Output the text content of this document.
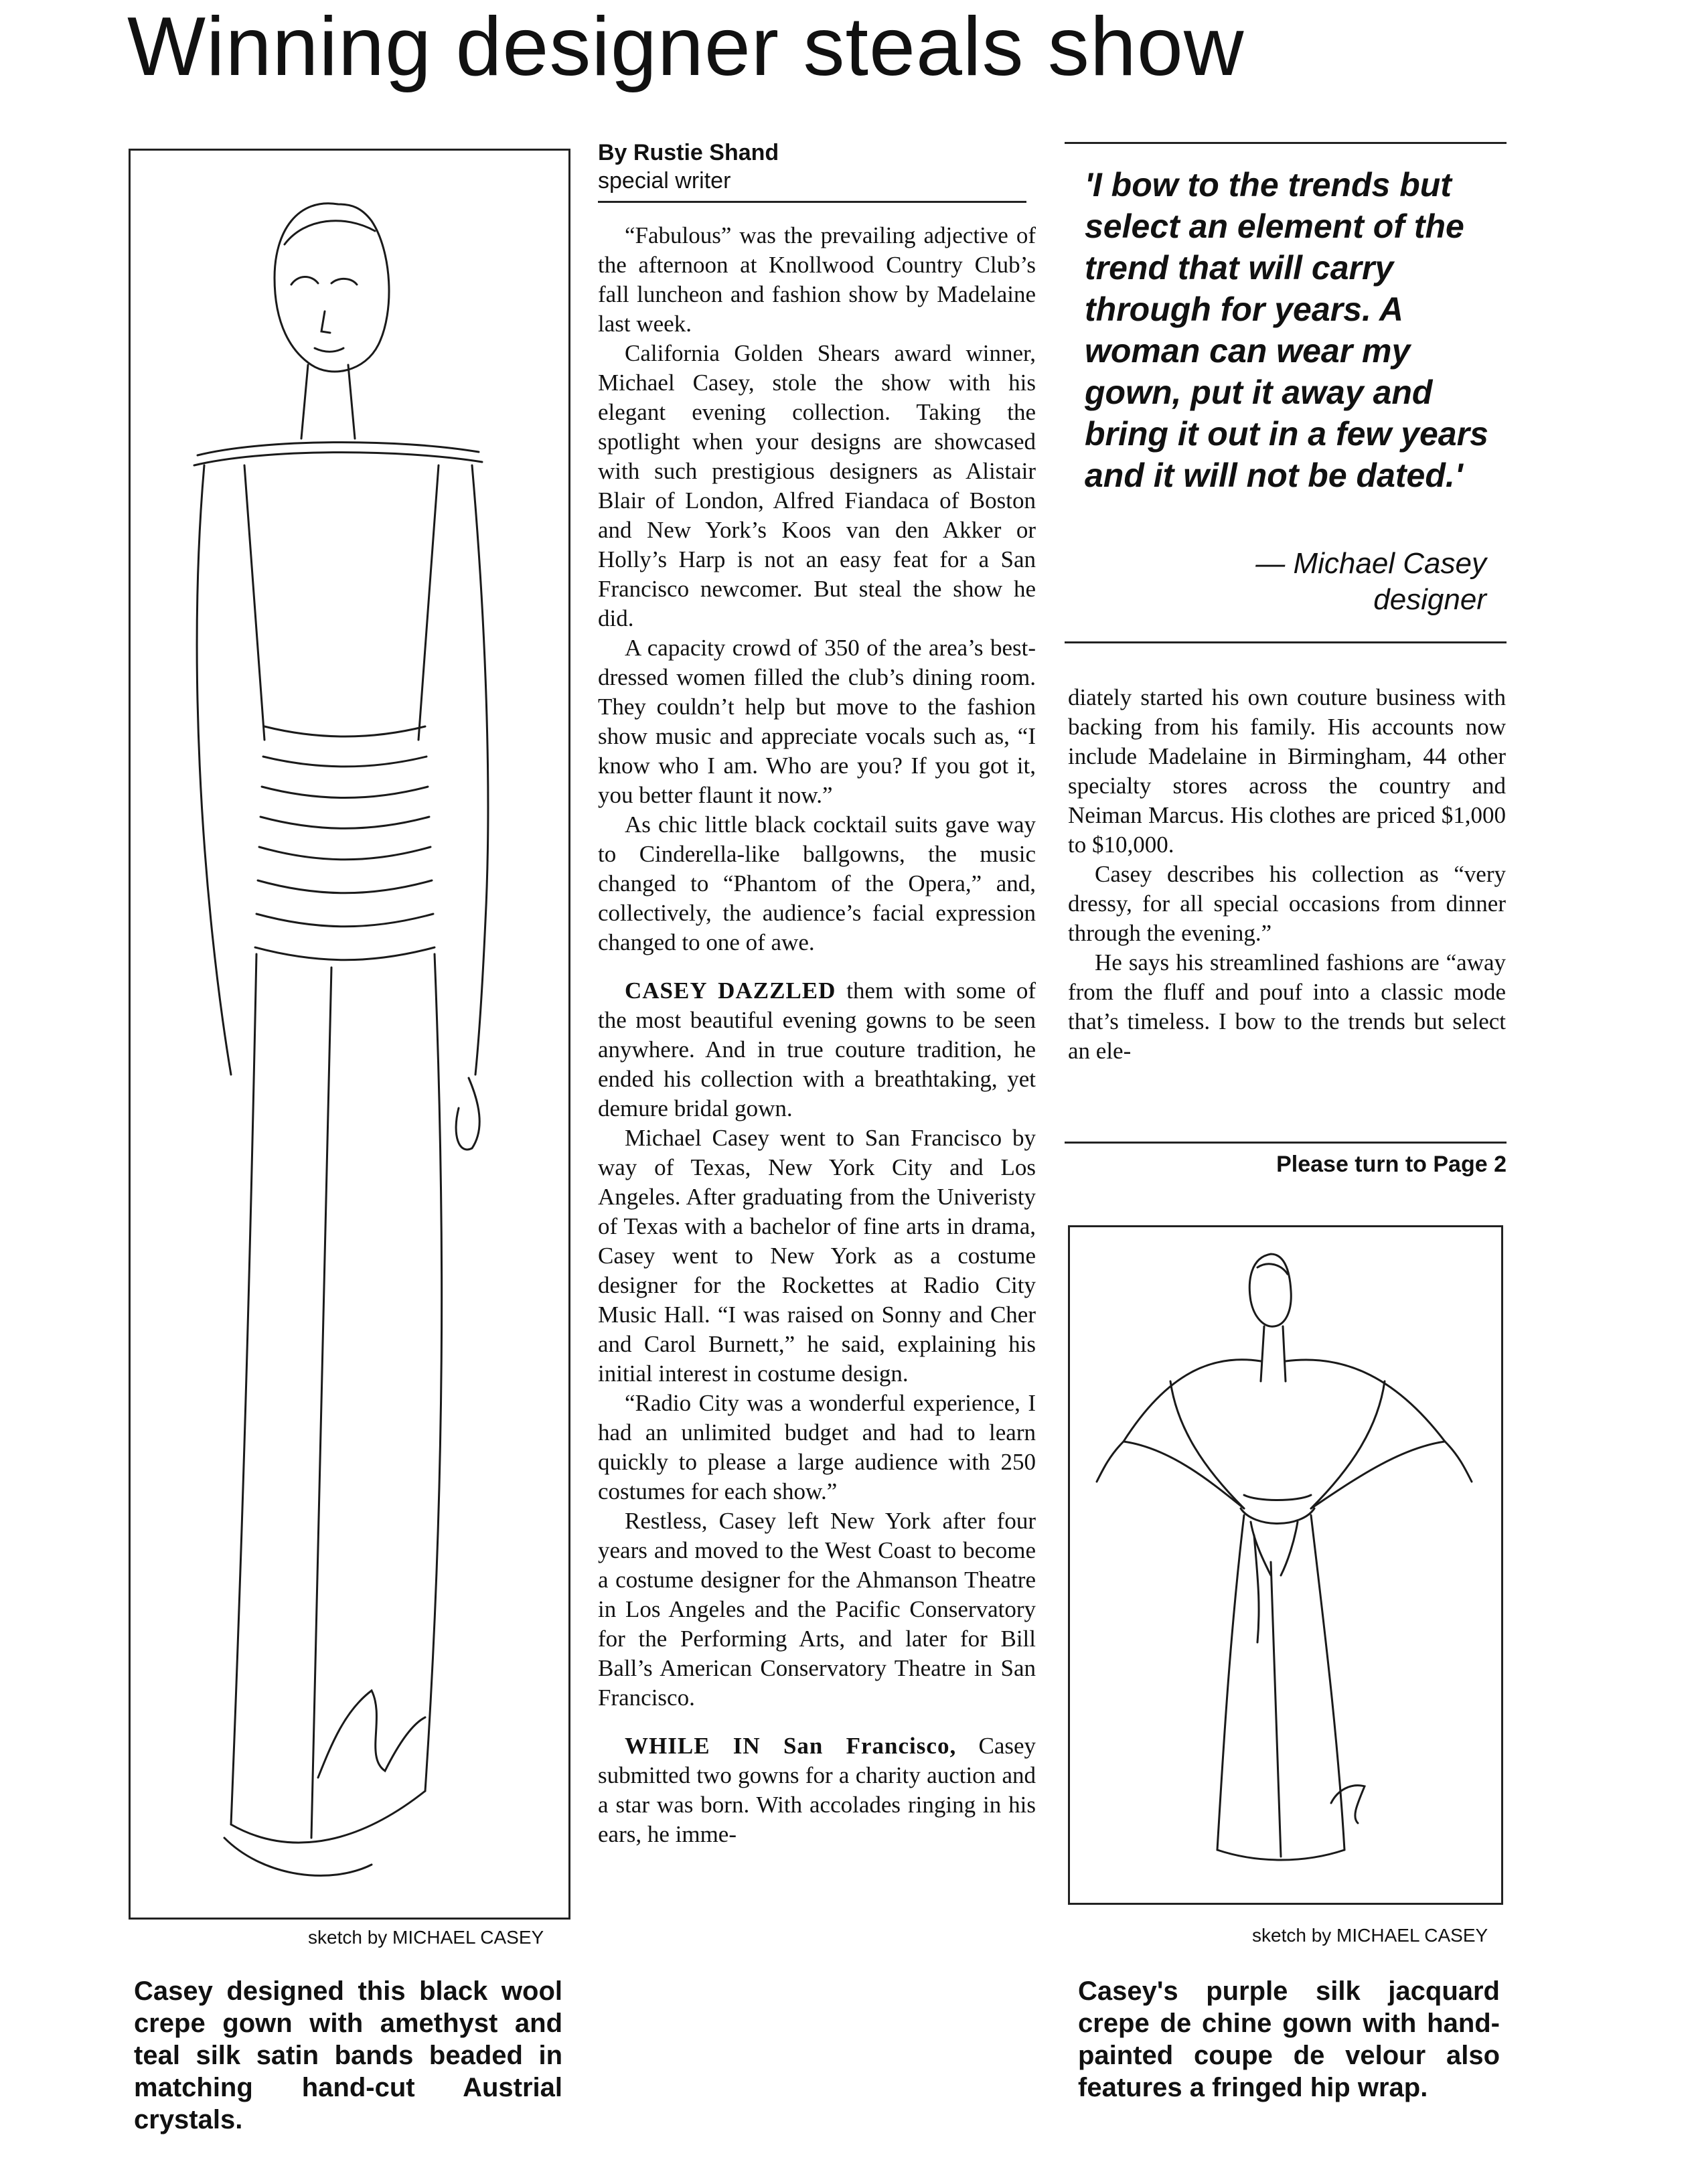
Winning designer steals show
sketch by MICHAEL CASEY
Casey designed this black wool crepe gown with amethyst and teal silk satin bands beaded in matching hand-cut Austrial crystals.
By Rustie Shand
special writer

“Fabulous” was the prevailing adjective of the afternoon at Knollwood Country Club’s fall luncheon and fashion show by Madelaine last week.

California Golden Shears award winner, Michael Casey, stole the show with his elegant evening collection. Taking the spotlight when your designs are showcased with such prestigious designers as Alistair Blair of London, Alfred Fiandaca of Boston and New York’s Koos van den Akker or Holly’s Harp is not an easy feat for a San Francisco newcomer. But steal the show he did.

A capacity crowd of 350 of the area’s best-dressed women filled the club’s dining room. They couldn’t help but move to the fashion show music and appreciate vocals such as, “I know who I am. Who are you? If you got it, you better flaunt it now.”

As chic little black cocktail suits gave way to Cinderella-like ballgowns, the music changed to “Phantom of the Opera,” and, collectively, the audience’s facial expression changed to one of awe.

CASEY DAZZLED them with some of the most beautiful evening gowns to be seen anywhere. And in true couture tradition, he ended his collection with a breathtaking, yet demure bridal gown.

Michael Casey went to San Francisco by way of Texas, New York City and Los Angeles. After graduating from the Univeristy of Texas with a bachelor of fine arts in drama, Casey went to New York as a costume designer for the Rockettes at Radio City Music Hall. “I was raised on Sonny and Cher and Carol Burnett,” he said, explaining his initial interest in costume design.

“Radio City was a wonderful experience, I had an unlimited budget and had to learn quickly to please a large audience with 250 costumes for each show.”

Restless, Casey left New York after four years and moved to the West Coast to become a costume designer for the Ahmanson Theatre in Los Angeles and the Pacific Conservatory for the Performing Arts, and later for Bill Ball’s American Conservatory Theatre in San Francisco.

WHILE IN San Francisco, Casey submitted two gowns for a charity auction and a star was born. With accolades ringing in his ears, he imme-

'I bow to the trends but select an element of the trend that will carry through for years. A woman can wear my gown, put it away and bring it out in a few years and it will not be dated.'
— Michael Casey
designer

diately started his own couture business with backing from his family. His accounts now include Madelaine in Birmingham, 44 other specialty stores across the country and Neiman Marcus. His clothes are priced $1,000 to $10,000.

Casey describes his collection as “very dressy, for all special occasions from dinner through the evening.”

He says his streamlined fashions are “away from the fluff and pouf into a classic mode that’s timeless. I bow to the trends but select an ele-

Please turn to Page 2
sketch by MICHAEL CASEY
Casey's purple silk jacquard crepe de chine gown with hand-painted coupe de velour also features a fringed hip wrap.
